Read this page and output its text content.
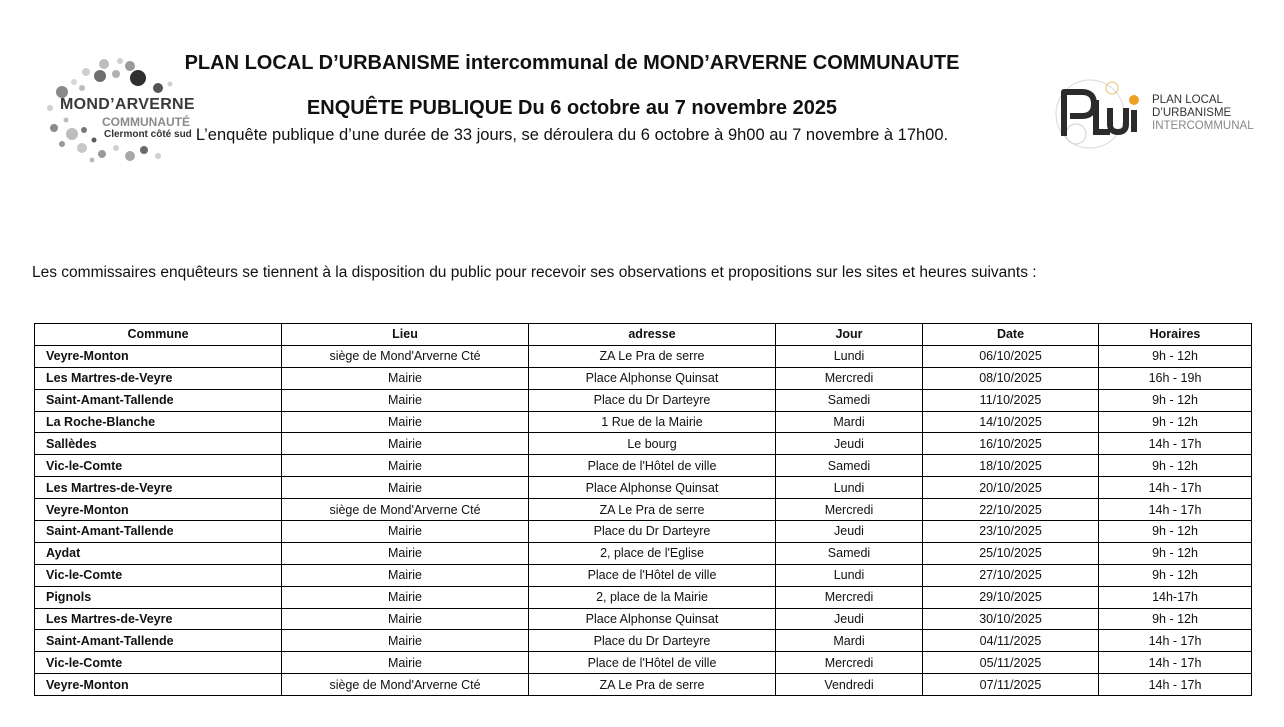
MOND’ARVERNE
COMMUNAUTÉ
Clermont côté sud
PLAN LOCAL D’URBANISME intercommunal de MOND’ARVERNE COMMUNAUTE
ENQUÊTE PUBLIQUE Du 6 octobre au 7 novembre 2025
L’enquête publique d’une durée de 33 jours, se déroulera du 6 octobre à 9h00 au 7 novembre à 17h00.
PLAN LOCAL
D’URBANISME
INTERCOMMUNAL
Les commissaires enquêteurs se tiennent à la disposition du public pour recevoir ses observations et propositions sur les sites et heures suivants :
Commune	Lieu	adresse	Jour	Date	Horaires
Veyre-Monton	siège de Mond'Arverne Cté	ZA Le Pra de serre	Lundi	06/10/2025	9h - 12h
Les Martres-de-Veyre	Mairie	Place Alphonse Quinsat	Mercredi	08/10/2025	16h - 19h
Saint-Amant-Tallende	Mairie	Place du Dr Darteyre	Samedi	11/10/2025	9h - 12h
La Roche-Blanche	Mairie	1 Rue de la Mairie	Mardi	14/10/2025	9h - 12h
Sallèdes	Mairie	Le bourg	Jeudi	16/10/2025	14h - 17h
Vic-le-Comte	Mairie	Place de l'Hôtel de ville	Samedi	18/10/2025	9h - 12h
Les Martres-de-Veyre	Mairie	Place Alphonse Quinsat	Lundi	20/10/2025	14h - 17h
Veyre-Monton	siège de Mond'Arverne Cté	ZA Le Pra de serre	Mercredi	22/10/2025	14h - 17h
Saint-Amant-Tallende	Mairie	Place du Dr Darteyre	Jeudi	23/10/2025	9h - 12h
Aydat	Mairie	2, place de l'Eglise	Samedi	25/10/2025	9h - 12h
Vic-le-Comte	Mairie	Place de l'Hôtel de ville	Lundi	27/10/2025	9h - 12h
Pignols	Mairie	2, place de la Mairie	Mercredi	29/10/2025	14h-17h
Les Martres-de-Veyre	Mairie	Place Alphonse Quinsat	Jeudi	30/10/2025	9h - 12h
Saint-Amant-Tallende	Mairie	Place du Dr Darteyre	Mardi	04/11/2025	14h - 17h
Vic-le-Comte	Mairie	Place de l'Hôtel de ville	Mercredi	05/11/2025	14h - 17h
Veyre-Monton	siège de Mond'Arverne Cté	ZA Le Pra de serre	Vendredi	07/11/2025	14h - 17h
